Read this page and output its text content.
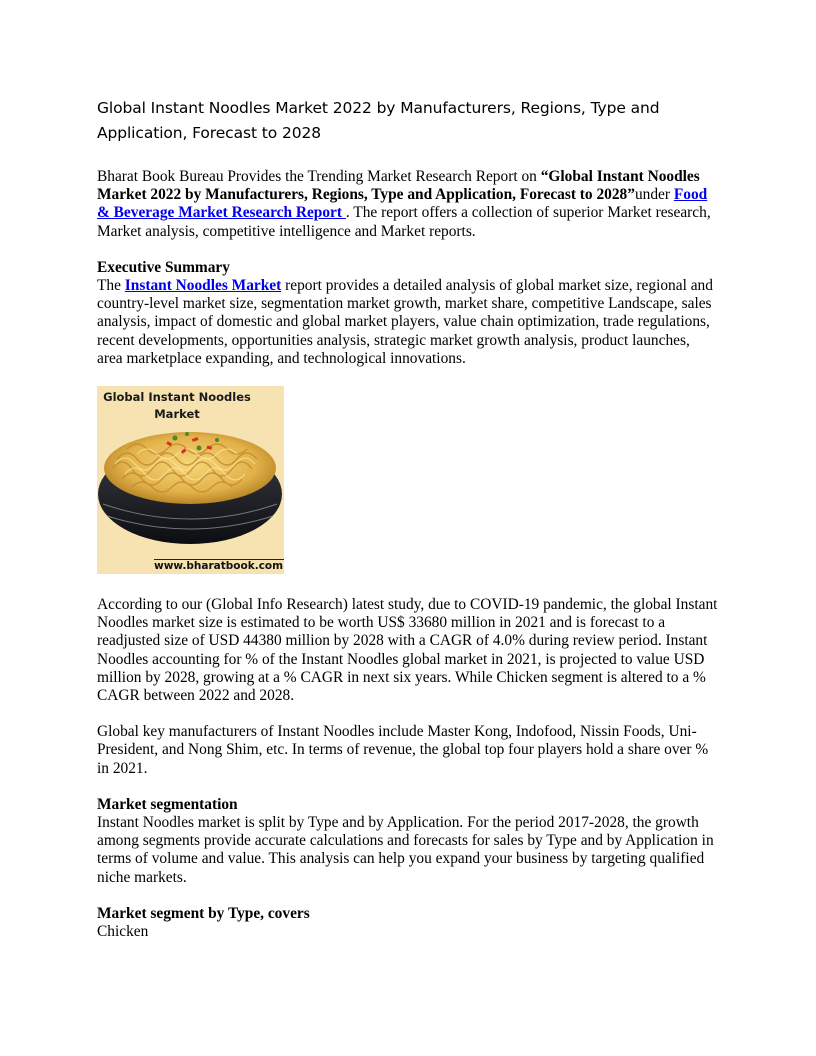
Global Instant Noodles Market 2022 by Manufacturers, Regions, Type and Application, Forecast to 2028

Bharat Book Bureau Provides the Trending Market Research Report on “Global Instant Noodles Market 2022 by Manufacturers, Regions, Type and Application, Forecast to 2028”under Food & Beverage Market Research Report . The report offers a collection of superior Market research, Market analysis, competitive intelligence and Market reports.

Executive Summary
The Instant Noodles Market report provides a detailed analysis of global market size, regional and country-level market size, segmentation market growth, market share, competitive Landscape, sales analysis, impact of domestic and global market players, value chain optimization, trade regulations, recent developments, opportunities analysis, strategic market growth analysis, product launches, area marketplace expanding, and technological innovations.

Global Instant Noodles
Market
www.bharatbook.com

According to our (Global Info Research) latest study, due to COVID-19 pandemic, the global Instant Noodles market size is estimated to be worth US$ 33680 million in 2021 and is forecast to a readjusted size of USD 44380 million by 2028 with a CAGR of 4.0% during review period. Instant Noodles accounting for % of the Instant Noodles global market in 2021, is projected to value USD million by 2028, growing at a % CAGR in next six years. While Chicken segment is altered to a % CAGR between 2022 and 2028.

Global key manufacturers of Instant Noodles include Master Kong, Indofood, Nissin Foods, Uni-President, and Nong Shim, etc. In terms of revenue, the global top four players hold a share over % in 2021.

Market segmentation
Instant Noodles market is split by Type and by Application. For the period 2017-2028, the growth among segments provide accurate calculations and forecasts for sales by Type and by Application in terms of volume and value. This analysis can help you expand your business by targeting qualified niche markets.

Market segment by Type, covers
Chicken
